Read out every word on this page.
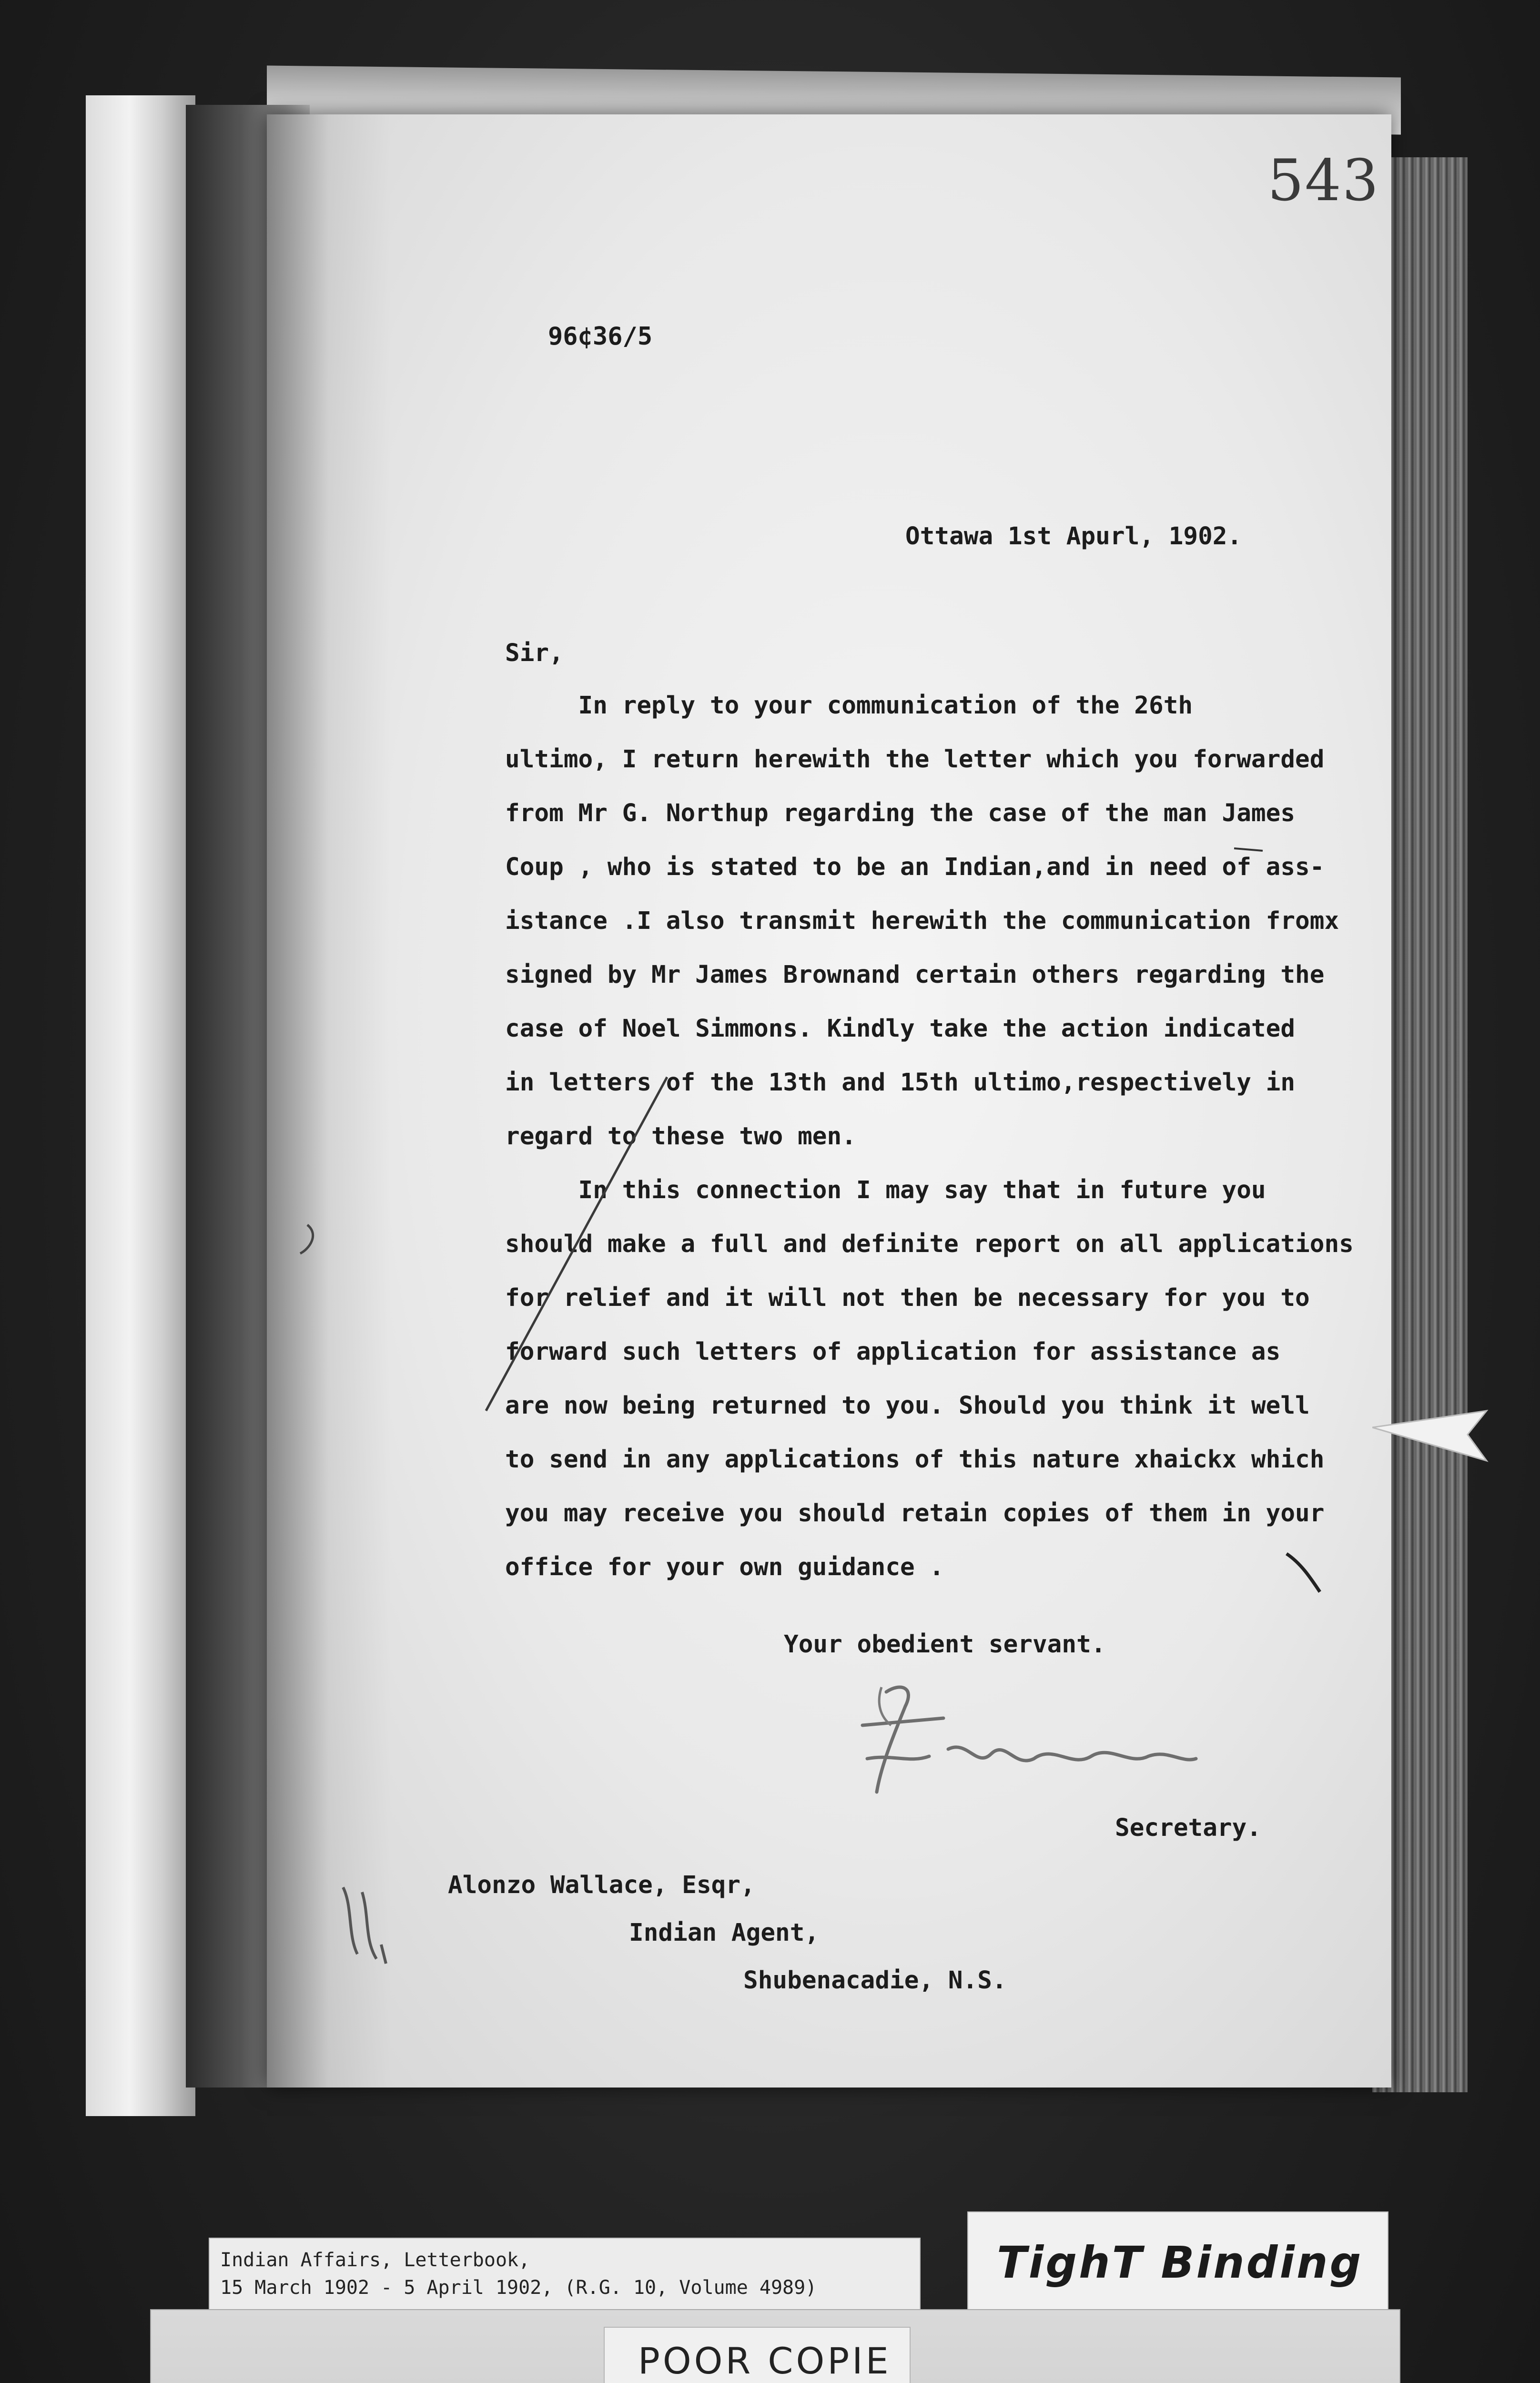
543
96¢36/5
Ottawa 1st Apurl, 1902.
Sir,
In reply to your communication of the 26th
ultimo, I return herewith the letter which you forwarded
from Mr G. Northup regarding the case of the man James
Coup , who is stated to be an Indian,and in need of ass-
istance .I also transmit herewith the communication fromx
signed by Mr James Brownand certain others regarding the
case of Noel Simmons. Kindly take the action indicated
in letters of the 13th and 15th ultimo,respectively in
regard to these two men.
In this connection I may say that in future you
should make a full and definite report on all applications
for relief and it will not then be necessary for you to
forward such letters of application for assistance as
are now being returned to you. Should you think it well
to send in any applications of this nature xhaickx which
you may receive you should retain copies of them in your
office for your own guidance .
Your obedient servant.
Secretary.
Alonzo Wallace, Esqr,
Indian Agent,
Shubenacadie, N.S.
Indian Affairs, Letterbook,
15 March 1902 - 5 April 1902, (R.G. 10, Volume 4989)	TighT Binding
POOR COPIE
